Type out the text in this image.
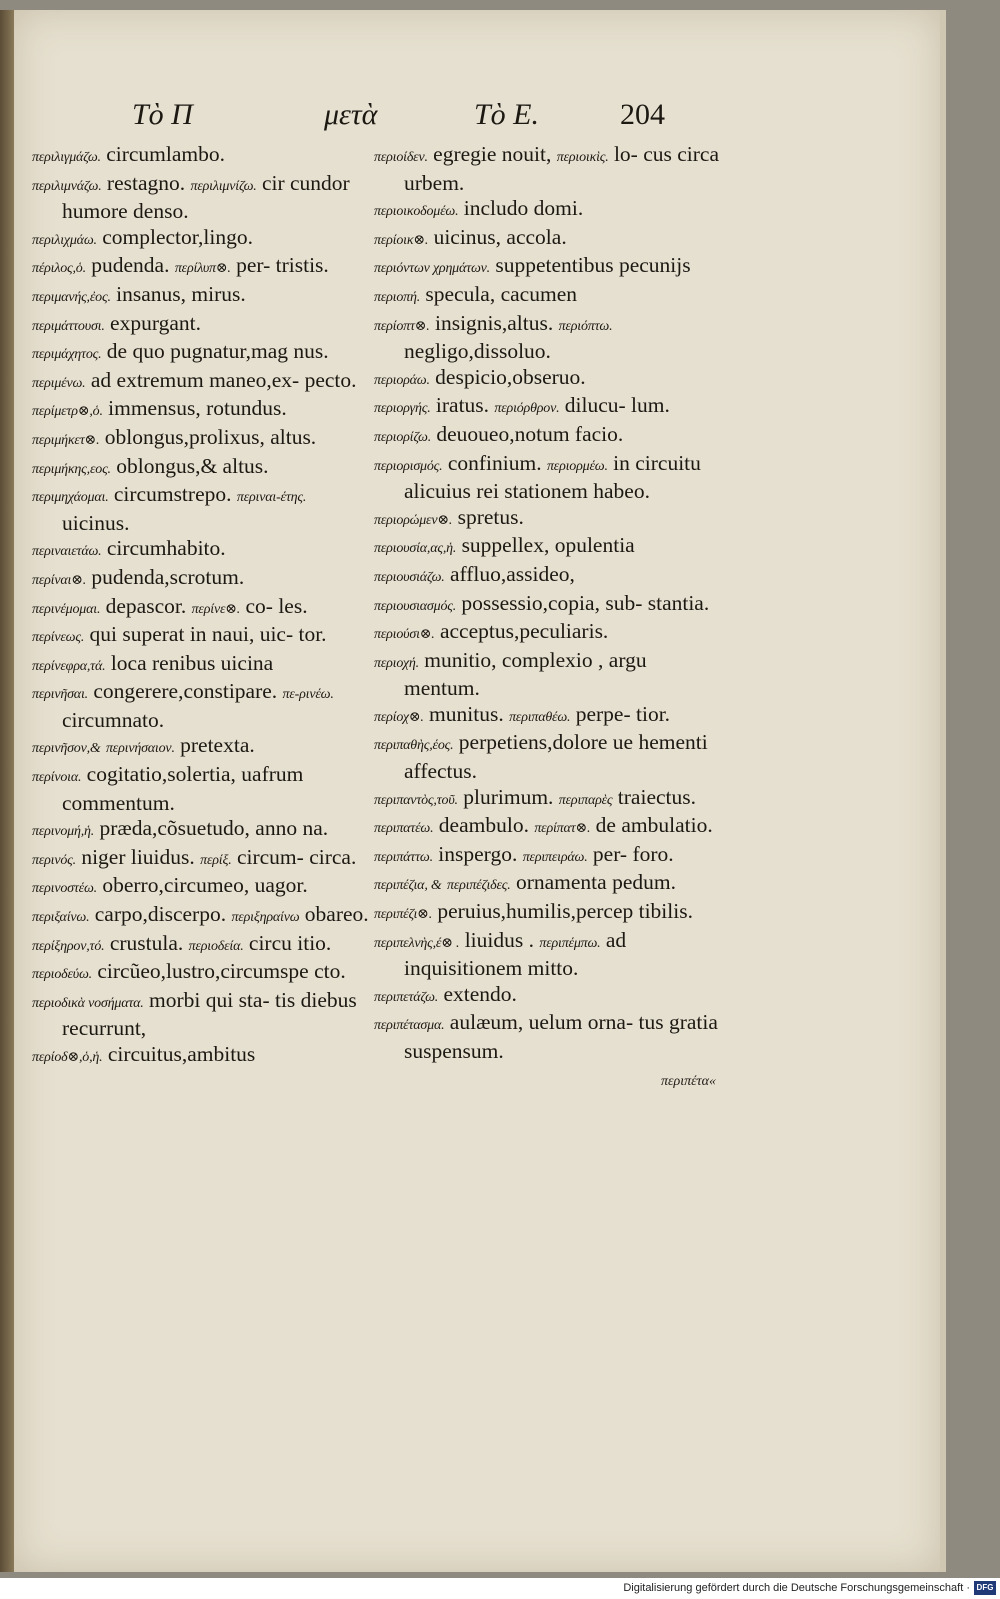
Τὸ Π	μετὰ	Τὸ Ε.	204

περιλιγμάζω. circumlambo.

περιλιμνάζω. restagno. περιλιμνίζω. cir cundor humore denso.

περιλιχμάω. complector,lingo.

πέριλος,ὁ. pudenda. περίλυπ⊗. per- tristis.

περιμανής,ἐος. insanus, mirus.

περιμάττουσι. expurgant.

περιμάχητος. de quo pugnatur,mag nus.

περιμένω. ad extremum maneo,ex- pecto.

περίμετρ⊗,ὁ. immensus, rotundus.

περιμήκετ⊗. oblongus,prolixus, altus.

περιμήκης,εος. oblongus,& altus.

περιμηχάομαι. circumstrepo. περιναι-έτης. uicinus.

περιναιετάω. circumhabito.

περίναι⊗. pudenda,scrotum.

περινέμομαι. depascor. περίνε⊗. co- les.

περίνεως. qui superat in naui, uic- tor.

περίνεφρα,τά. loca renibus uicina

περινῆσαι. congerere,constipare. πε-ρινέω. circumnato.

περινῆσον,& περινήσαιον. pretexta.

περίνοια. cogitatio,solertia, uafrum commentum.

περινομή,ἡ. præda,cõsuetudo, anno na.

περινός. niger liuidus. περίξ. circum- circa.

περινοστέω. oberro,circumeo, uagor.

περιξαίνω. carpo,discerpo. περιξηραίνω obareo.

περίξηρον,τό. crustula. περιοδεία. circu itio.

περιοδεύω. circũeo,lustro,circumspe cto.

περιοδικὰ νοσήματα. morbi qui sta- tis diebus recurrunt,

περίοδ⊗,ὁ,ἡ. circuitus,ambitus

περιοίδεν. egregie nouit, περιοικὶς. lo- cus circa urbem.

περιοικοδομέω. includo domi.

περίοικ⊗. uicinus, accola.

περιόντων χρημάτων. suppetentibus pecunijs

περιοπή. specula, cacumen

περίοπτ⊗. insignis,altus. περιόπτω. negligo,dissoluo.

περιοράω. despicio,obseruo.

περιοργής. iratus. περιόρθρον. dilucu- lum.

περιορίζω. deuoueo,notum facio.

περιορισμός. confinium. περιορμέω. in circuitu alicuius rei stationem habeo.

περιορώμεν⊗. spretus.

περιουσία,ας,ἡ. suppellex, opulentia

περιουσιάζω. affluo,assideo,

περιουσιασμός. possessio,copia, sub- stantia.

περιούσι⊗. acceptus,peculiaris.

περιοχή. munitio, complexio , argu mentum.

περίοχ⊗. munitus. περιπαθέω. perpe- tior.

περιπαθὴς,έος. perpetiens,dolore ue hementi affectus.

περιπαντὸς,τοῦ. plurimum. περιπαρὲς traiectus.

περιπατέω. deambulo. περίπατ⊗. de ambulatio.

περιπάττω. inspergo. περιπειράω. per- foro.

περιπέζια, & περιπέζιδες. ornamenta pedum.

περιπέζι⊗. peruius,humilis,percep tibilis.

περιπελνὴς,έ⊗ . liuidus . περιπέμπω. ad inquisitionem mitto.

περιπετάζω. extendo.

περιπέτασμα. aulæum, uelum orna- tus gratia suspensum.

περιπέτα«
Digitalisierung gefördert durch die Deutsche Forschungsgemeinschaft · DFG
